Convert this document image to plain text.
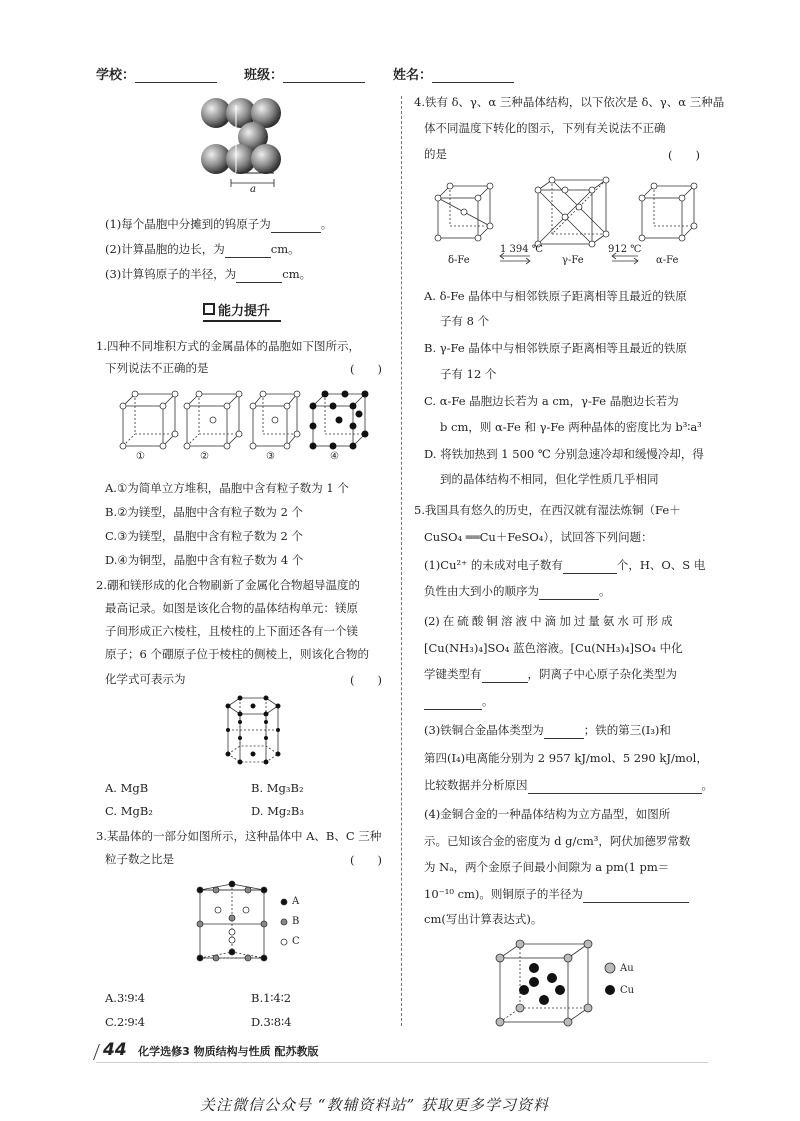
学校：	班级：	姓名：
a
(1)每个晶胞中分摊到的钨原子为	。
(2)计算晶胞的边长，为	cm。
(3)计算钨原子的半径，为	cm。
能力提升
1.四种不同堆积方式的金属晶体的晶胞如下图所示，
下列说法不正确的是	(　　)
①	②	③	④
A.①为简单立方堆积，晶胞中含有粒子数为 1 个
B.②为镁型，晶胞中含有粒子数为 2 个
C.③为镁型，晶胞中含有粒子数为 2 个
D.④为铜型，晶胞中含有粒子数为 4 个
2.硼和镁形成的化合物刷新了金属化合物超导温度的
最高记录。如图是该化合物的晶体结构单元：镁原
子间形成正六棱柱，且棱柱的上下面还各有一个镁
原子；6 个硼原子位于棱柱的侧棱上，则该化合物的
化学式可表示为	(　　)
A. MgB	B. Mg₃B₂
C. MgB₂	D. Mg₂B₃
3.某晶体的一部分如图所示，这种晶体中 A、B、C 三种
粒子数之比是	(　　)
A
B
C
A.3∶9∶4	B.1∶4∶2
C.2∶9∶4	D.3∶8∶4
4.铁有 δ、γ、α 三种晶体结构，以下依次是 δ、γ、α 三种晶
体不同温度下转化的图示，下列有关说法不正确
的是	(　　)
δ-Fe	γ-Fe	α-Fe
1 394 ℃	912 ℃
A. δ-Fe 晶体中与相邻铁原子距离相等且最近的铁原
子有 8 个
B. γ-Fe 晶体中与相邻铁原子距离相等且最近的铁原
子有 12 个
C. α-Fe 晶胞边长若为 a cm，γ-Fe 晶胞边长若为
b cm，则 α-Fe 和 γ-Fe 两种晶体的密度比为 b³∶a³
D. 将铁加热到 1 500 ℃ 分别急速冷却和缓慢冷却，得
到的晶体结构不相同，但化学性质几乎相同
5.我国具有悠久的历史，在西汉就有湿法炼铜（Fe＋
CuSO₄ ══Cu＋FeSO₄），试回答下列问题：
(1)Cu²⁺ 的未成对电子数有	个，H、O、S 电
负性由大到小的顺序为	。
(2) 在 硫 酸 铜 溶 液 中 滴 加 过 量 氨 水 可 形 成
[Cu(NH₃)₄]SO₄ 蓝色溶液。[Cu(NH₃)₄]SO₄ 中化
学键类型有	，阴离子中心原子杂化类型为
。
(3)铁铜合金晶体类型为	；铁的第三(I₃)和
第四(I₄)电离能分别为 2 957 kJ/mol、5 290 kJ/mol，
比较数据并分析原因	。
(4)金铜合金的一种晶体结构为立方晶型，如图所
示。已知该合金的密度为 d g/cm³，阿伏加德罗常数
为 Nₐ，两个金原子间最小间隙为 a pm(1 pm＝
10⁻¹⁰ cm)。则铜原子的半径为
cm(写出计算表达式)。
Au
Cu
44 化学选修3 物质结构与性质 配苏教版
关注微信公众号 “教辅资料站” 获取更多学习资料
